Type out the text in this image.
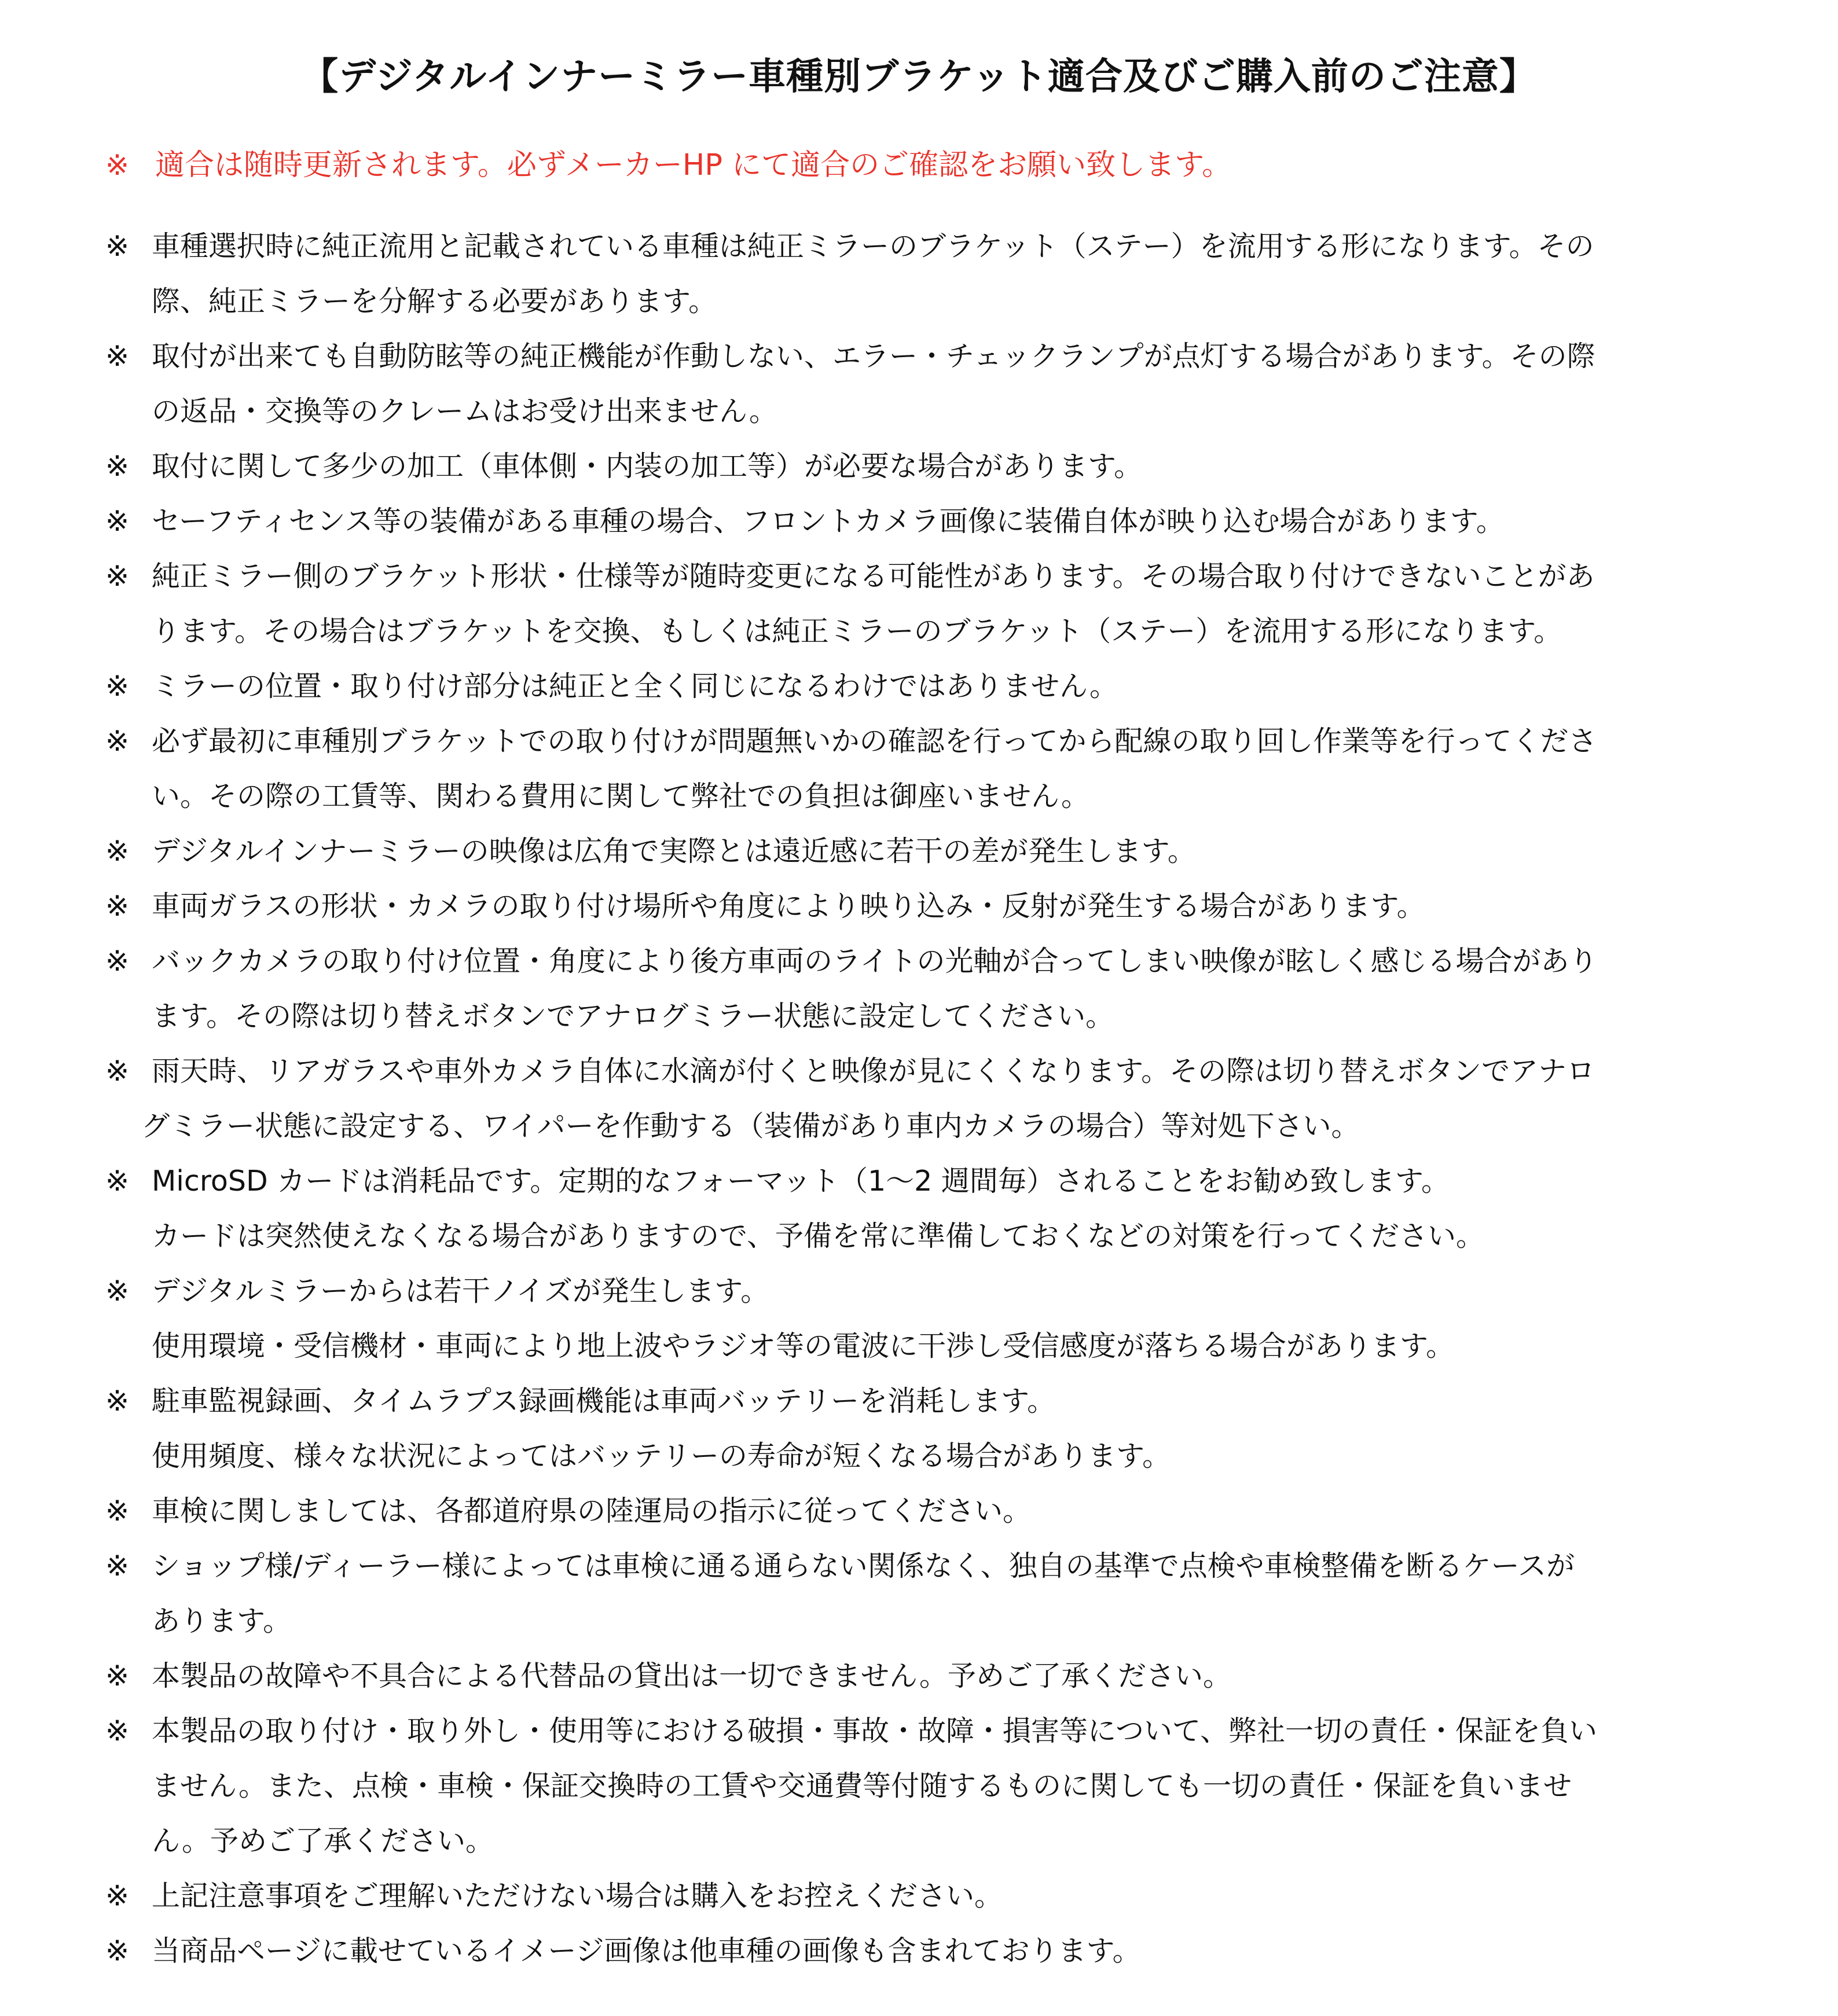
【デジタルインナーミラー車種別ブラケット適合及びご購入前のご注意】
※ 適合は随時更新されます。必ずメーカーHP にて適合のご確認をお願い致します。
※ 車種選択時に純正流用と記載されている車種は純正ミラーのブラケット（ステー）を流用する形になります。その
際、純正ミラーを分解する必要があります。
※ 取付が出来ても自動防眩等の純正機能が作動しない、エラー・チェックランプが点灯する場合があります。その際
の返品・交換等のクレームはお受け出来ません。
※ 取付に関して多少の加工（車体側・内装の加工等）が必要な場合があります。
※ セーフティセンス等の装備がある車種の場合、フロントカメラ画像に装備自体が映り込む場合があります。
※ 純正ミラー側のブラケット形状・仕様等が随時変更になる可能性があります。その場合取り付けできないことがあ
ります。その場合はブラケットを交換、もしくは純正ミラーのブラケット（ステー）を流用する形になります。
※ ミラーの位置・取り付け部分は純正と全く同じになるわけではありません。
※ 必ず最初に車種別ブラケットでの取り付けが問題無いかの確認を行ってから配線の取り回し作業等を行ってくださ
い。その際の工賃等、関わる費用に関して弊社での負担は御座いません。
※ デジタルインナーミラーの映像は広角で実際とは遠近感に若干の差が発生します。
※ 車両ガラスの形状・カメラの取り付け場所や角度により映り込み・反射が発生する場合があります。
※ バックカメラの取り付け位置・角度により後方車両のライトの光軸が合ってしまい映像が眩しく感じる場合があり
ます。その際は切り替えボタンでアナログミラー状態に設定してください。
※ 雨天時、リアガラスや車外カメラ自体に水滴が付くと映像が見にくくなります。その際は切り替えボタンでアナロ
グミラー状態に設定する、ワイパーを作動する（装備があり車内カメラの場合）等対処下さい。
※ MicroSD カードは消耗品です。定期的なフォーマット（1〜2 週間毎）されることをお勧め致します。
カードは突然使えなくなる場合がありますので、予備を常に準備しておくなどの対策を行ってください。
※ デジタルミラーからは若干ノイズが発生します。
使用環境・受信機材・車両により地上波やラジオ等の電波に干渉し受信感度が落ちる場合があります。
※ 駐車監視録画、タイムラプス録画機能は車両バッテリーを消耗します。
使用頻度、様々な状況によってはバッテリーの寿命が短くなる場合があります。
※ 車検に関しましては、各都道府県の陸運局の指示に従ってください。
※ ショップ様/ディーラー様によっては車検に通る通らない関係なく、独自の基準で点検や車検整備を断るケースが
あります。
※ 本製品の故障や不具合による代替品の貸出は一切できません。予めご了承ください。
※ 本製品の取り付け・取り外し・使用等における破損・事故・故障・損害等について、弊社一切の責任・保証を負い
ません。また、点検・車検・保証交換時の工賃や交通費等付随するものに関しても一切の責任・保証を負いませ
ん。予めご了承ください。
※ 上記注意事項をご理解いただけない場合は購入をお控えください。
※ 当商品ページに載せているイメージ画像は他車種の画像も含まれております。
